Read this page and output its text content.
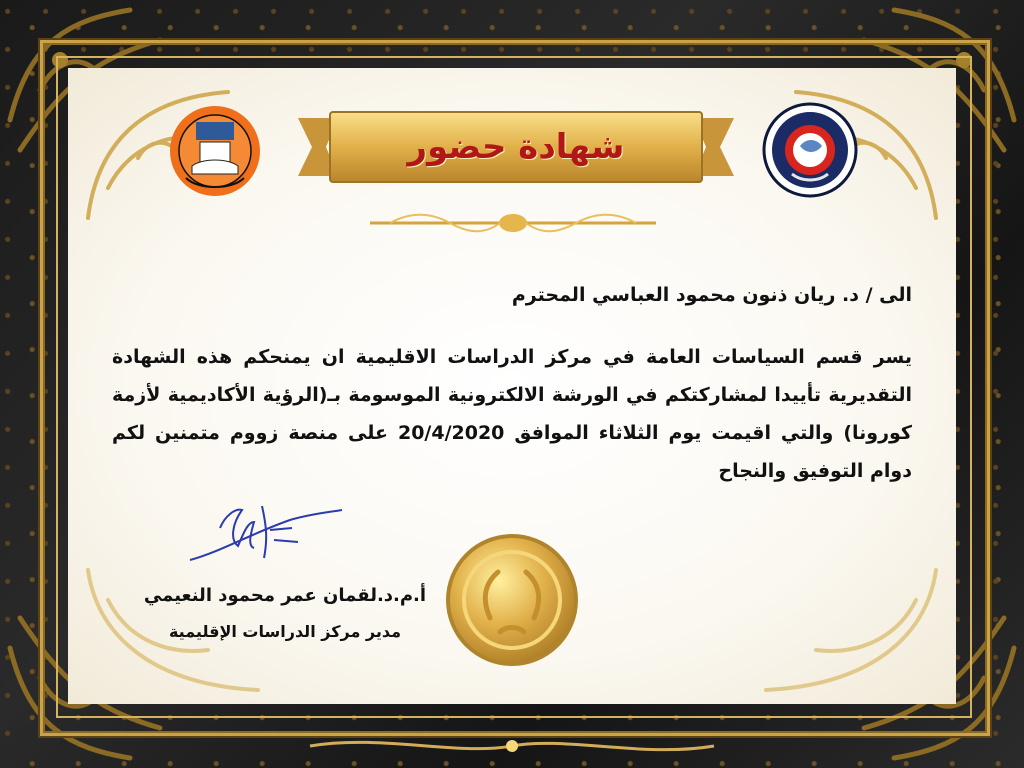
شهادة حضور
الى / د. ريان ذنون محمود العباسي المحترم
يسر قسم السياسات العامة في مركز الدراسات الاقليمية ان يمنحكم هذه الشهادة التقديرية تأييدا لمشاركتكم في الورشة الالكترونية الموسومة بـ(الرؤية الأكاديمية لأزمة كورونا) والتي اقيمت يوم الثلاثاء الموافق 20/4/2020 على منصة زووم متمنين لكم دوام التوفيق والنجاح
أ.م.د.لقمان عمر محمود النعيمي
مدير مركز الدراسات الإقليمية
